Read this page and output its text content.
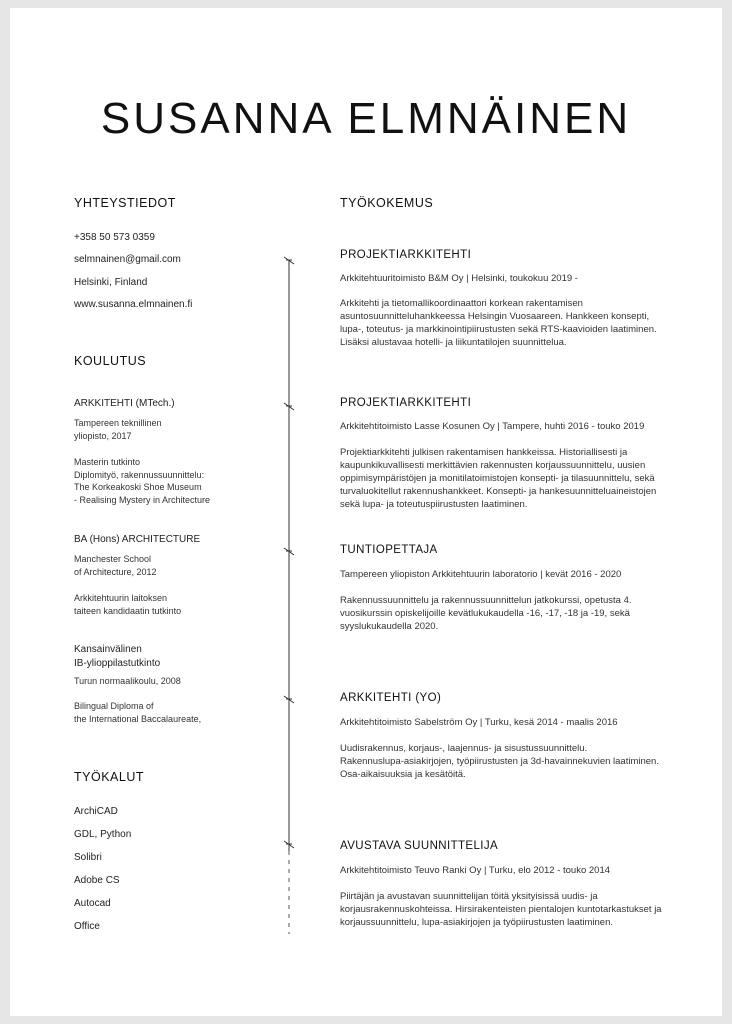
SUSANNA ELMNÄINEN
YHTEYSTIEDOT

+358 50 573 0359

selmnainen@gmail.com

Helsinki, Finland

www.susanna.elmnainen.fi

KOULUTUS

ARKKITEHTI (MTech.)

Tampereen teknillinen
yliopisto, 2017

Masterin tutkinto
Diplomityö, rakennussuunnittelu:
The Korkeakoski Shoe Museum
- Realising Mystery in Architecture

BA (Hons) ARCHITECTURE

Manchester School
of Architecture, 2012

Arkkitehtuurin laitoksen
taiteen kandidaatin tutkinto

Kansainvälinen
IB-ylioppilastutkinto

Turun normaalikoulu, 2008

Bilingual Diploma of
the International Baccalaureate,

TYÖKALUT

ArchiCAD

GDL, Python

Solibri

Adobe CS

Autocad

Office

TYÖKOKEMUS

PROJEKTIARKKITEHTI

Arkkitehtuuritoimisto B&M Oy | Helsinki, toukokuu 2019 -

Arkkitehti ja tietomallikoordinaattori korkean rakentamisen
asuntosuunnitteluhankkeessa Helsingin Vuosaareen. Hankkeen konsepti,
lupa-, toteutus- ja markkinointipiirustusten sekä RTS-kaavioiden laatiminen.
Lisäksi alustavaa hotelli- ja liikuntatilojen suunnittelua.

PROJEKTIARKKITEHTI

Arkkitehtitoimisto Lasse Kosunen Oy | Tampere, huhti 2016 - touko 2019

Projektiarkkitehti julkisen rakentamisen hankkeissa. Historiallisesti ja
kaupunkikuvallisesti merkittävien rakennusten korjaussuunnittelu, uusien
oppimisympäristöjen ja monitilatoimistojen konsepti- ja tilasuunnittelu, sekä
turvaluokitellut rakennushankkeet. Konsepti- ja hankesuunnitteluaineistojen
sekä lupa- ja toteutuspiirustusten laatiminen.

TUNTIOPETTAJA

Tampereen yliopiston Arkkitehtuurin laboratorio | kevät 2016 - 2020

Rakennussuunnittelu ja rakennussuunnittelun jatkokurssi, opetusta 4.
vuosikurssin opiskelijoille kevätlukukaudella -16, -17, -18 ja -19, sekä
syyslukukaudella 2020.

ARKKITEHTI (YO)

Arkkitehtitoimisto Sabelström Oy | Turku, kesä 2014 - maalis 2016

Uudisrakennus, korjaus-, laajennus- ja sisustussuunnittelu.
Rakennuslupa-asiakirjojen, työpiirustusten ja 3d-havainnekuvien laatiminen.
Osa-aikaisuuksia ja kesätöitä.

AVUSTAVA SUUNNITTELIJA

Arkkitehtitoimisto Teuvo Ranki Oy | Turku, elo 2012 - touko 2014

Piirtäjän ja avustavan suunnittelijan töitä yksityisissä uudis- ja
korjausrakennuskohteissa. Hirsirakenteisten pientalojen kuntotarkastukset ja
korjaussuunnittelu, lupa-asiakirjojen ja työpiirustusten laatiminen.
